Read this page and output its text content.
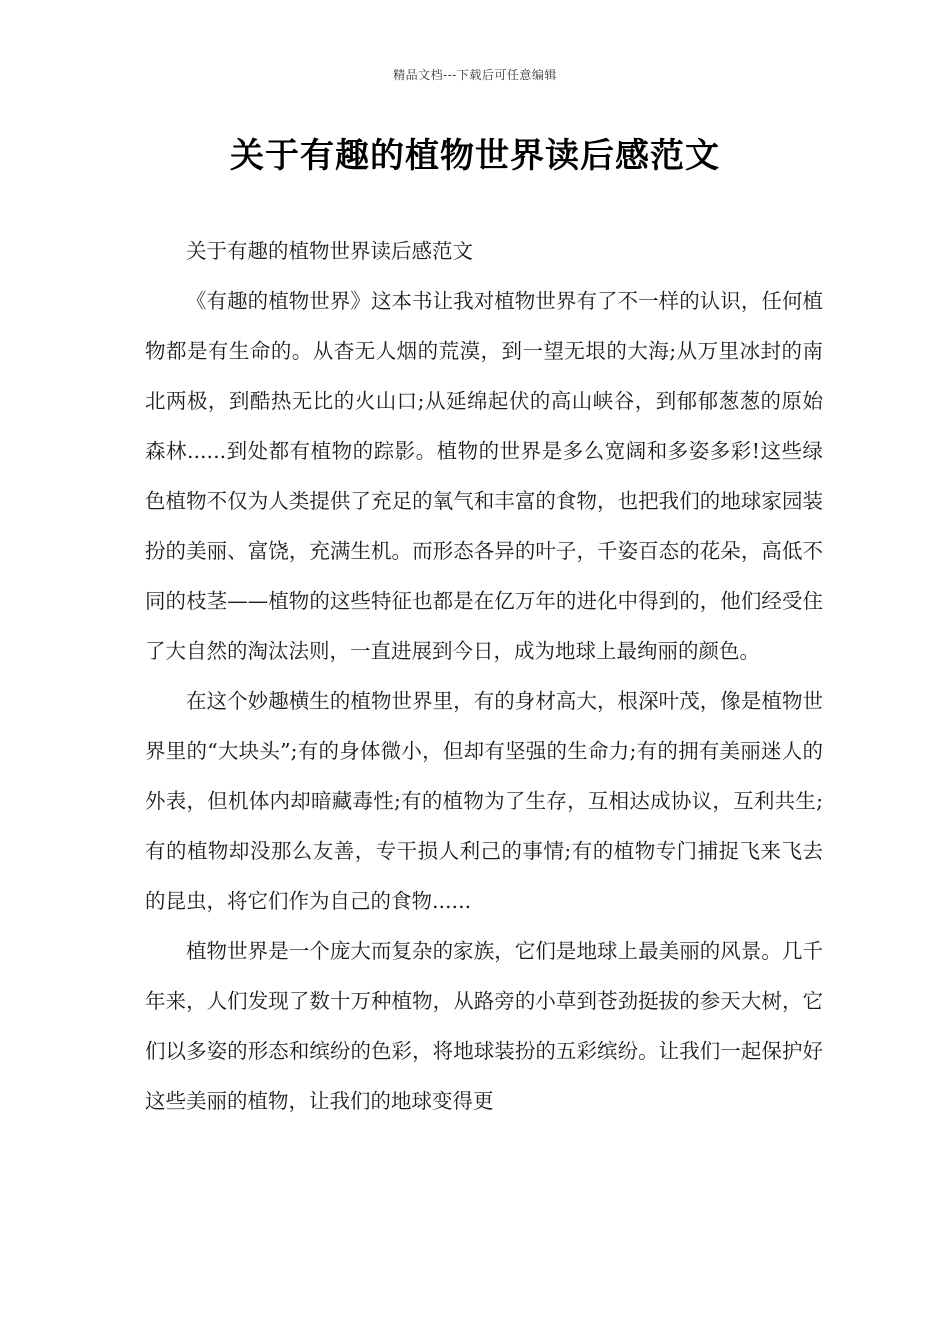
精品文档---下载后可任意编辑
关于有趣的植物世界读后感范文

关于有趣的植物世界读后感范文

《有趣的植物世界》这本书让我对植物世界有了不一样的认识，任何植物都是有生命的。从杳无人烟的荒漠，到一望无垠的大海;从万里冰封的南北两极，到酷热无比的火山口;从延绵起伏的高山峡谷，到郁郁葱葱的原始森林......到处都有植物的踪影。植物的世界是多么宽阔和多姿多彩!这些绿色植物不仅为人类提供了充足的氧气和丰富的食物，也把我们的地球家园装扮的美丽、富饶，充满生机。而形态各异的叶子，千姿百态的花朵，高低不同的枝茎——植物的这些特征也都是在亿万年的进化中得到的，他们经受住了大自然的淘汰法则，一直进展到今日，成为地球上最绚丽的颜色。

在这个妙趣横生的植物世界里，有的身材高大，根深叶茂，像是植物世界里的“大块头”;有的身体微小，但却有坚强的生命力;有的拥有美丽迷人的外表，但机体内却暗藏毒性;有的植物为了生存，互相达成协议，互利共生;有的植物却没那么友善，专干损人利己的事情;有的植物专门捕捉飞来飞去的昆虫，将它们作为自己的食物......

植物世界是一个庞大而复杂的家族，它们是地球上最美丽的风景。几千年来，人们发现了数十万种植物，从路旁的小草到苍劲挺拔的参天大树，它们以多姿的形态和缤纷的色彩，将地球装扮的五彩缤纷。让我们一起保护好这些美丽的植物，让我们的地球变得更
